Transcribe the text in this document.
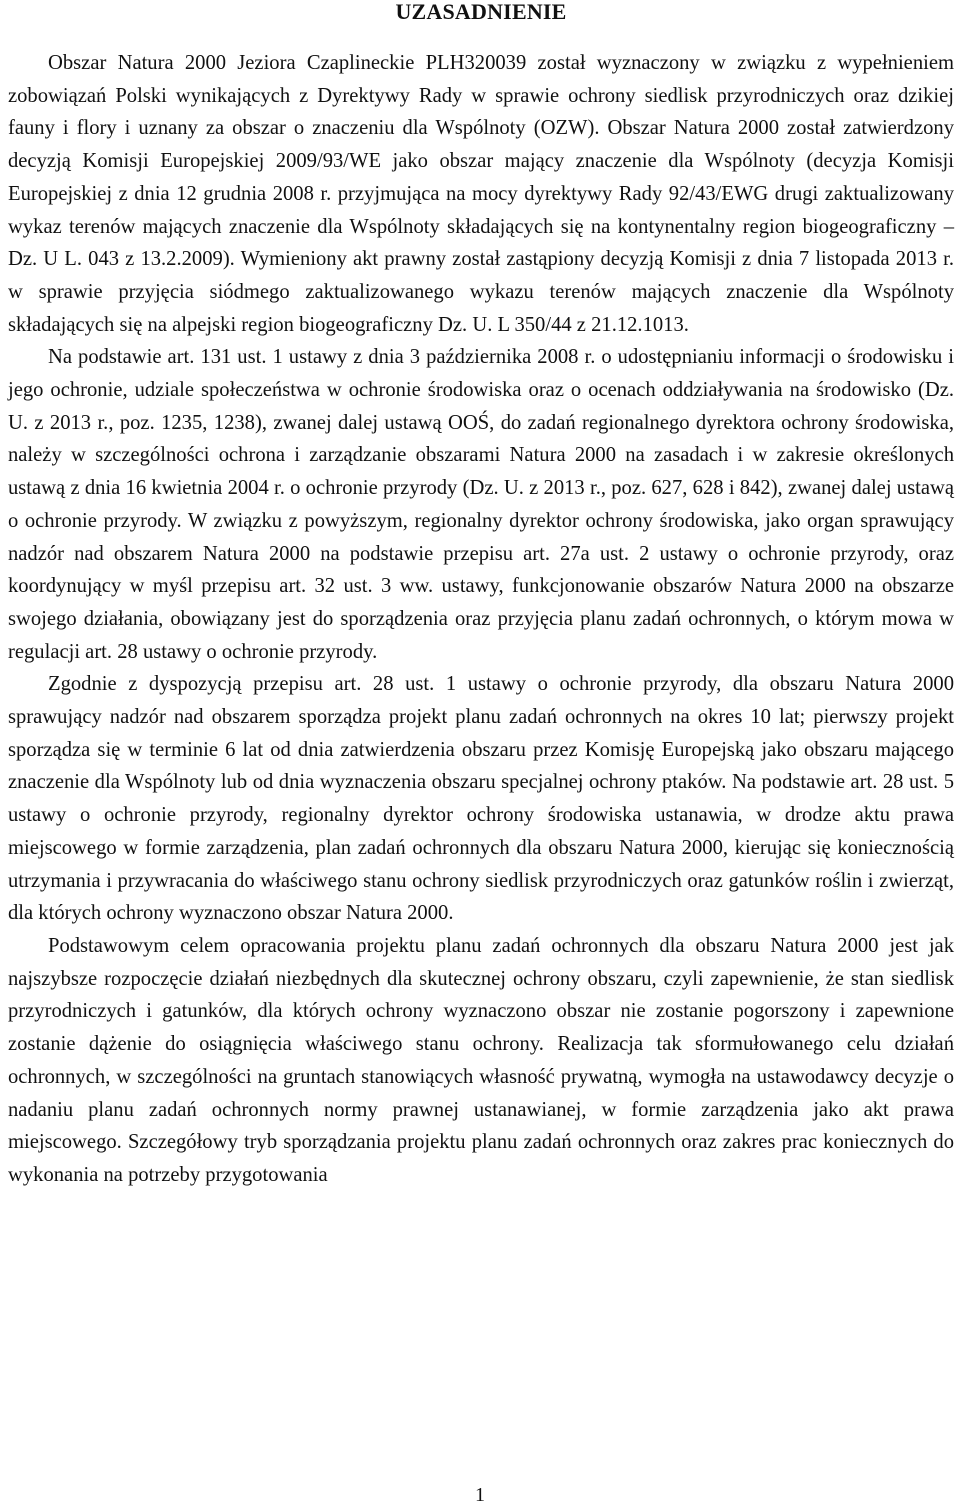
UZASADNIENIE

Obszar Natura 2000 Jeziora Czaplineckie PLH320039 został wyznaczony w związku z wypełnieniem zobowiązań Polski wynikających z Dyrektywy Rady w sprawie ochrony siedlisk przyrodniczych oraz dzikiej fauny i flory i uznany za obszar o znaczeniu dla Wspólnoty (OZW). Obszar Natura 2000 został zatwierdzony decyzją Komisji Europejskiej 2009/93/WE jako obszar mający znaczenie dla Wspólnoty (decyzja Komisji Europejskiej z dnia 12 grudnia 2008 r. przyjmująca na mocy dyrektywy Rady 92/43/EWG drugi zaktualizowany wykaz terenów mających znaczenie dla Wspólnoty składających się na kontynentalny region biogeograficzny – Dz. U L. 043 z 13.2.2009). Wymieniony akt prawny został zastąpiony decyzją Komisji z dnia 7 listopada 2013 r. w sprawie przyjęcia siódmego zaktualizowanego wykazu terenów mających znaczenie dla Wspólnoty składających się na alpejski region biogeograficzny Dz. U. L 350/44 z 21.12.1013.

Na podstawie art. 131 ust. 1 ustawy z dnia 3 października 2008 r. o udostępnianiu informacji o środowisku i jego ochronie, udziale społeczeństwa w ochronie środowiska oraz o ocenach oddziaływania na środowisko (Dz. U. z 2013 r., poz. 1235, 1238), zwanej dalej ustawą OOŚ, do zadań regionalnego dyrektora ochrony środowiska, należy w szczególności ochrona i zarządzanie obszarami Natura 2000 na zasadach i w zakresie określonych ustawą z dnia 16 kwietnia 2004 r. o ochronie przyrody (Dz. U. z 2013 r., poz. 627, 628 i 842), zwanej dalej ustawą o ochronie przyrody. W związku z powyższym, regionalny dyrektor ochrony środowiska, jako organ sprawujący nadzór nad obszarem Natura 2000 na podstawie przepisu art. 27a ust. 2 ustawy o ochronie przyrody, oraz koordynujący w myśl przepisu art. 32 ust. 3 ww. ustawy, funkcjonowanie obszarów Natura 2000 na obszarze swojego działania, obowiązany jest do sporządzenia oraz przyjęcia planu zadań ochronnych, o którym mowa w regulacji art. 28 ustawy o ochronie przyrody.

Zgodnie z dyspozycją przepisu art. 28 ust. 1 ustawy o ochronie przyrody, dla obszaru Natura 2000 sprawujący nadzór nad obszarem sporządza projekt planu zadań ochronnych na okres 10 lat; pierwszy projekt sporządza się w terminie 6 lat od dnia zatwierdzenia obszaru przez Komisję Europejską jako obszaru mającego znaczenie dla Wspólnoty lub od dnia wyznaczenia obszaru specjalnej ochrony ptaków. Na podstawie art. 28 ust. 5 ustawy o ochronie przyrody, regionalny dyrektor ochrony środowiska ustanawia, w drodze aktu prawa miejscowego w formie zarządzenia, plan zadań ochronnych dla obszaru Natura 2000, kierując się koniecznością utrzymania i przywracania do właściwego stanu ochrony siedlisk przyrodniczych oraz gatunków roślin i zwierząt, dla których ochrony wyznaczono obszar Natura 2000.

Podstawowym celem opracowania projektu planu zadań ochronnych dla obszaru Natura 2000 jest jak najszybsze rozpoczęcie działań niezbędnych dla skutecznej ochrony obszaru, czyli zapewnienie, że stan siedlisk przyrodniczych i gatunków, dla których ochrony wyznaczono obszar nie zostanie pogorszony i zapewnione zostanie dążenie do osiągnięcia właściwego stanu ochrony. Realizacja tak sformułowanego celu działań ochronnych, w szczególności na gruntach stanowiących własność prywatną, wymogła na ustawodawcy decyzje o nadaniu planu zadań ochronnych normy prawnej ustanawianej, w formie zarządzenia jako akt prawa miejscowego. Szczegółowy tryb sporządzania projektu planu zadań ochronnych oraz zakres prac koniecznych do wykonania na potrzeby przygotowania

1
